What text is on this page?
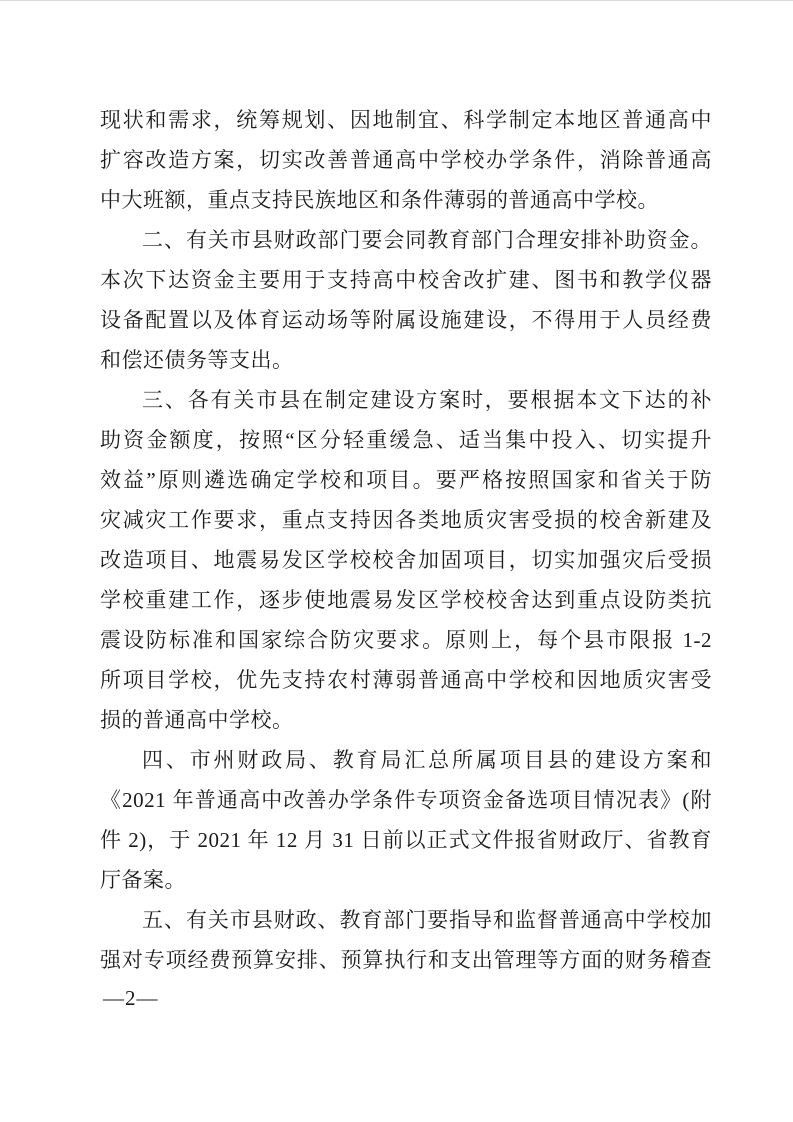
现状和需求，统筹规划、因地制宜、科学制定本地区普通高中
扩容改造方案，切实改善普通高中学校办学条件，消除普通高
中大班额，重点支持民族地区和条件薄弱的普通高中学校。
二、有关市县财政部门要会同教育部门合理安排补助资金。
本次下达资金主要用于支持高中校舍改扩建、图书和教学仪器
设备配置以及体育运动场等附属设施建设，不得用于人员经费
和偿还债务等支出。
三、各有关市县在制定建设方案时，要根据本文下达的补
助资金额度，按照“区分轻重缓急、适当集中投入、切实提升
效益”原则遴选确定学校和项目。要严格按照国家和省关于防
灾减灾工作要求，重点支持因各类地质灾害受损的校舍新建及
改造项目、地震易发区学校校舍加固项目，切实加强灾后受损
学校重建工作，逐步使地震易发区学校校舍达到重点设防类抗
震设防标准和国家综合防灾要求。原则上，每个县市限报 1-2
所项目学校，优先支持农村薄弱普通高中学校和因地质灾害受
损的普通高中学校。
四、市州财政局、教育局汇总所属项目县的建设方案和
《2021 年普通高中改善办学条件专项资金备选项目情况表》(附
件 2)，于 2021 年 12 月 31 日前以正式文件报省财政厅、省教育
厅备案。
五、有关市县财政、教育部门要指导和监督普通高中学校加
强对专项经费预算安排、预算执行和支出管理等方面的财务稽查
—2—
